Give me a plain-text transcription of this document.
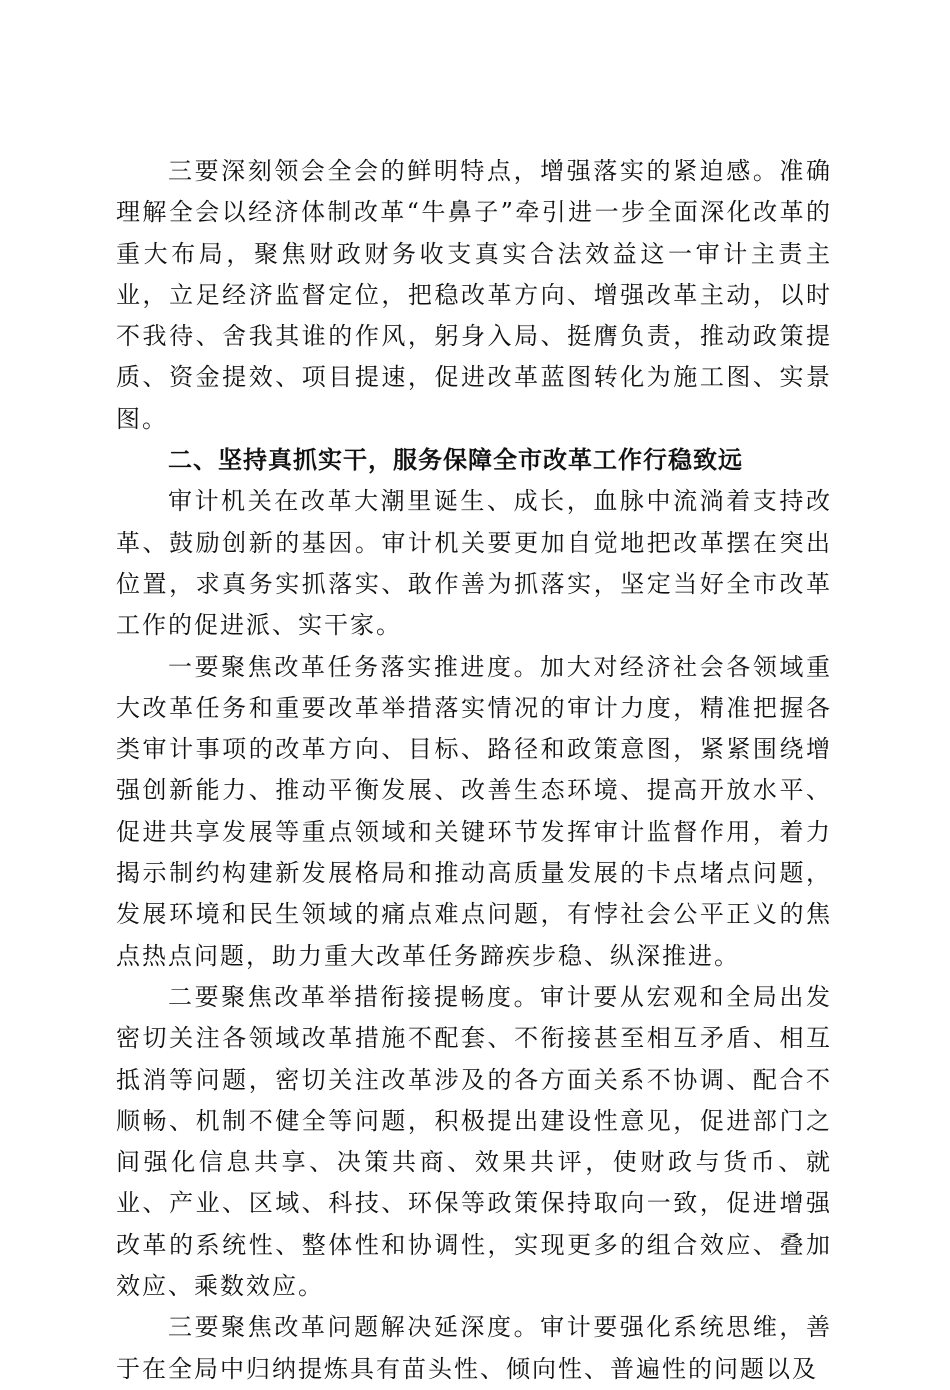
三要深刻领会全会的鲜明特点，增强落实的紧迫感。准确理解全会以经济体制改革“牛鼻子”牵引进一步全面深化改革的重大布局，聚焦财政财务收支真实合法效益这一审计主责主业，立足经济监督定位，把稳改革方向、增强改革主动，以时不我待、舍我其谁的作风，躬身入局、挺膺负责，推动政策提质、资金提效、项目提速，促进改革蓝图转化为施工图、实景图。

二、坚持真抓实干，服务保障全市改革工作行稳致远

审计机关在改革大潮里诞生、成长，血脉中流淌着支持改革、鼓励创新的基因。审计机关要更加自觉地把改革摆在突出位置，求真务实抓落实、敢作善为抓落实，坚定当好全市改革工作的促进派、实干家。

一要聚焦改革任务落实推进度。加大对经济社会各领域重大改革任务和重要改革举措落实情况的审计力度，精准把握各类审计事项的改革方向、目标、路径和政策意图，紧紧围绕增强创新能力、推动平衡发展、改善生态环境、提高开放水平、促进共享发展等重点领域和关键环节发挥审计监督作用，着力揭示制约构建新发展格局和推动高质量发展的卡点堵点问题，发展环境和民生领域的痛点难点问题，有悖社会公平正义的焦点热点问题，助力重大改革任务蹄疾步稳、纵深推进。

二要聚焦改革举措衔接提畅度。审计要从宏观和全局出发密切关注各领域改革措施不配套、不衔接甚至相互矛盾、相互抵消等问题，密切关注改革涉及的各方面关系不协调、配合不顺畅、机制不健全等问题，积极提出建设性意见，促进部门之间强化信息共享、决策共商、效果共评，使财政与货币、就业、产业、区域、科技、环保等政策保持取向一致，促进增强改革的系统性、整体性和协调性，实现更多的组合效应、叠加效应、乘数效应。

三要聚焦改革问题解决延深度。审计要强化系统思维，善于在全局中归纳提炼具有苗头性、倾向性、普遍性的问题以及
